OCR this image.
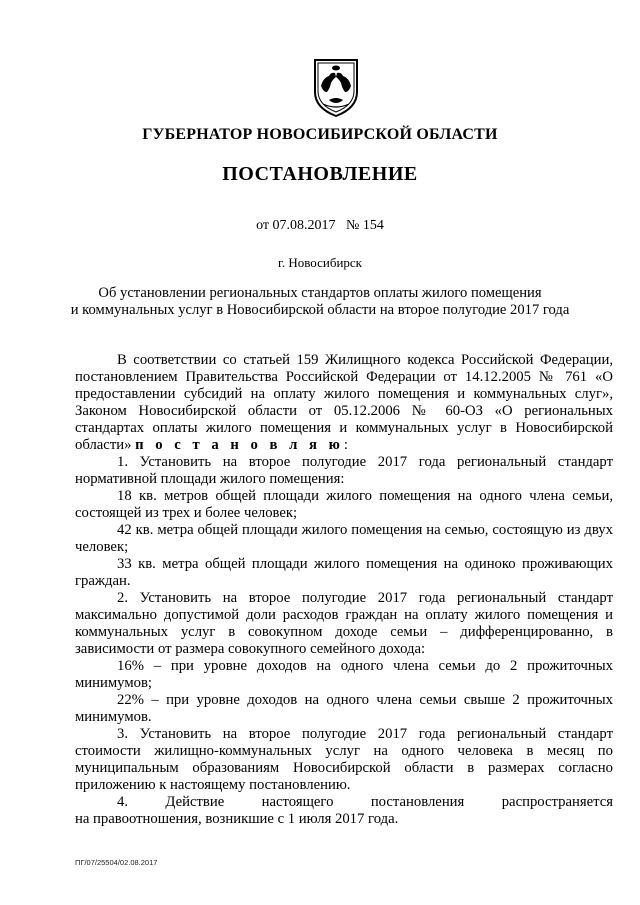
ГУБЕРНАТОР НОВОСИБИРСКОЙ ОБЛАСТИ
ПОСТАНОВЛЕНИЕ
от 07.08.2017 № 154
г. Новосибирск
Об установлении региональных стандартов оплаты жилого помещения
и коммунальных услуг в Новосибирской области на второе полугодие 2017 года

В соответствии со статьей 159 Жилищного кодекса Российской Федерации, постановлением Правительства Российской Федерации от 14.12.2005 № 761 «О предоставлении субсидий на оплату жилого помещения и коммунальных слуг», Законом Новосибирской области от 05.12.2006 № 60-ОЗ «О региональных стандартах оплаты жилого помещения и коммунальных услуг в Новосибирской области» п о с т а н о в л я ю:

1. Установить на второе полугодие 2017 года региональный стандарт нормативной площади жилого помещения:

18 кв. метров общей площади жилого помещения на одного члена семьи, состоящей из трех и более человек;

42 кв. метра общей площади жилого помещения на семью, состоящую из двух человек;

33 кв. метра общей площади жилого помещения на одиноко проживающих граждан.

2. Установить на второе полугодие 2017 года региональный стандарт максимально допустимой доли расходов граждан на оплату жилого помещения и коммунальных услуг в совокупном доходе семьи – дифференцированно, в зависимости от размера совокупного семейного дохода:

16% – при уровне доходов на одного члена семьи до 2 прожиточных минимумов;

22% – при уровне доходов на одного члена семьи свыше 2 прожиточных минимумов.

3. Установить на второе полугодие 2017 года региональный стандарт стоимости жилищно-коммунальных услуг на одного человека в месяц по муниципальным образованиям Новосибирской области в размерах согласно приложению к настоящему постановлению.

4. Действие настоящего постановления распространяется

на правоотношения, возникшие с 1 июля 2017 года.

ПГ/07/25504/02.08.2017
